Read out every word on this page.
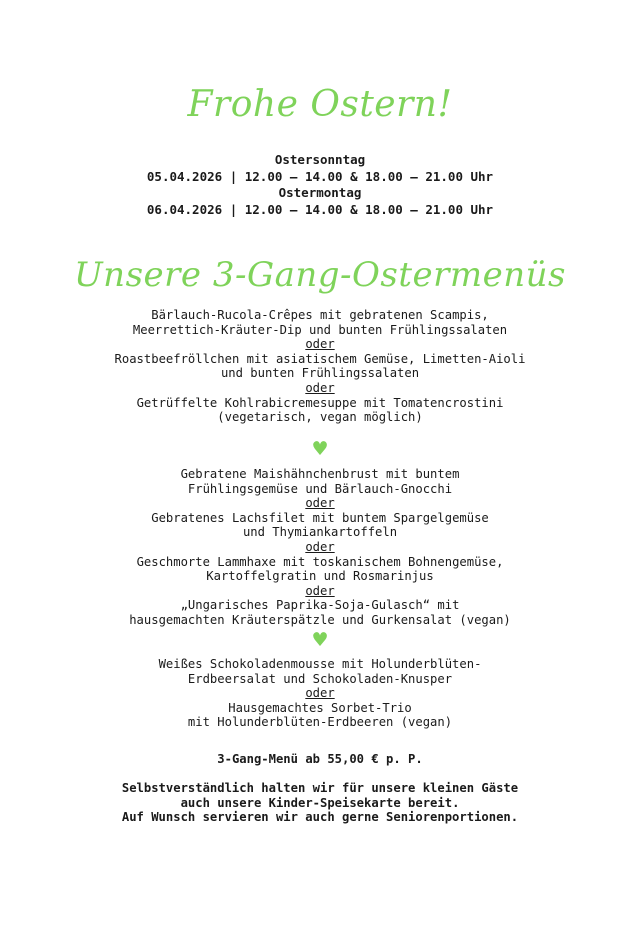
Frohe Ostern!
Ostersonntag
05.04.2026 | 12.00 – 14.00 & 18.00 – 21.00 Uhr
Ostermontag
06.04.2026 | 12.00 – 14.00 & 18.00 – 21.00 Uhr
Unsere 3-Gang-Ostermenüs

Bärlauch-Rucola-Crêpes mit gebratenen Scampis,

Meerrettich-Kräuter-Dip und bunten Frühlingssalaten

oder

Roastbeefröllchen mit asiatischem Gemüse, Limetten-Aioli

und bunten Frühlingssalaten

oder

Getrüffelte Kohlrabicremesuppe mit Tomatencrostini

(vegetarisch, vegan möglich)

♥

Gebratene Maishähnchenbrust mit buntem

Frühlingsgemüse und Bärlauch-Gnocchi

oder

Gebratenes Lachsfilet mit buntem Spargelgemüse

und Thymiankartoffeln

oder

Geschmorte Lammhaxe mit toskanischem Bohnengemüse,

Kartoffelgratin und Rosmarinjus

oder

„Ungarisches Paprika-Soja-Gulasch“ mit

hausgemachten Kräuterspätzle und Gurkensalat (vegan)

♥

Weißes Schokoladenmousse mit Holunderblüten-

Erdbeersalat und Schokoladen-Knusper

oder

Hausgemachtes Sorbet-Trio

mit Holunderblüten-Erdbeeren (vegan)

3-Gang-Menü ab 55,00 € p. P.
Selbstverständlich halten wir für unsere kleinen Gäste
auch unsere Kinder-Speisekarte bereit.
Auf Wunsch servieren wir auch gerne Seniorenportionen.
